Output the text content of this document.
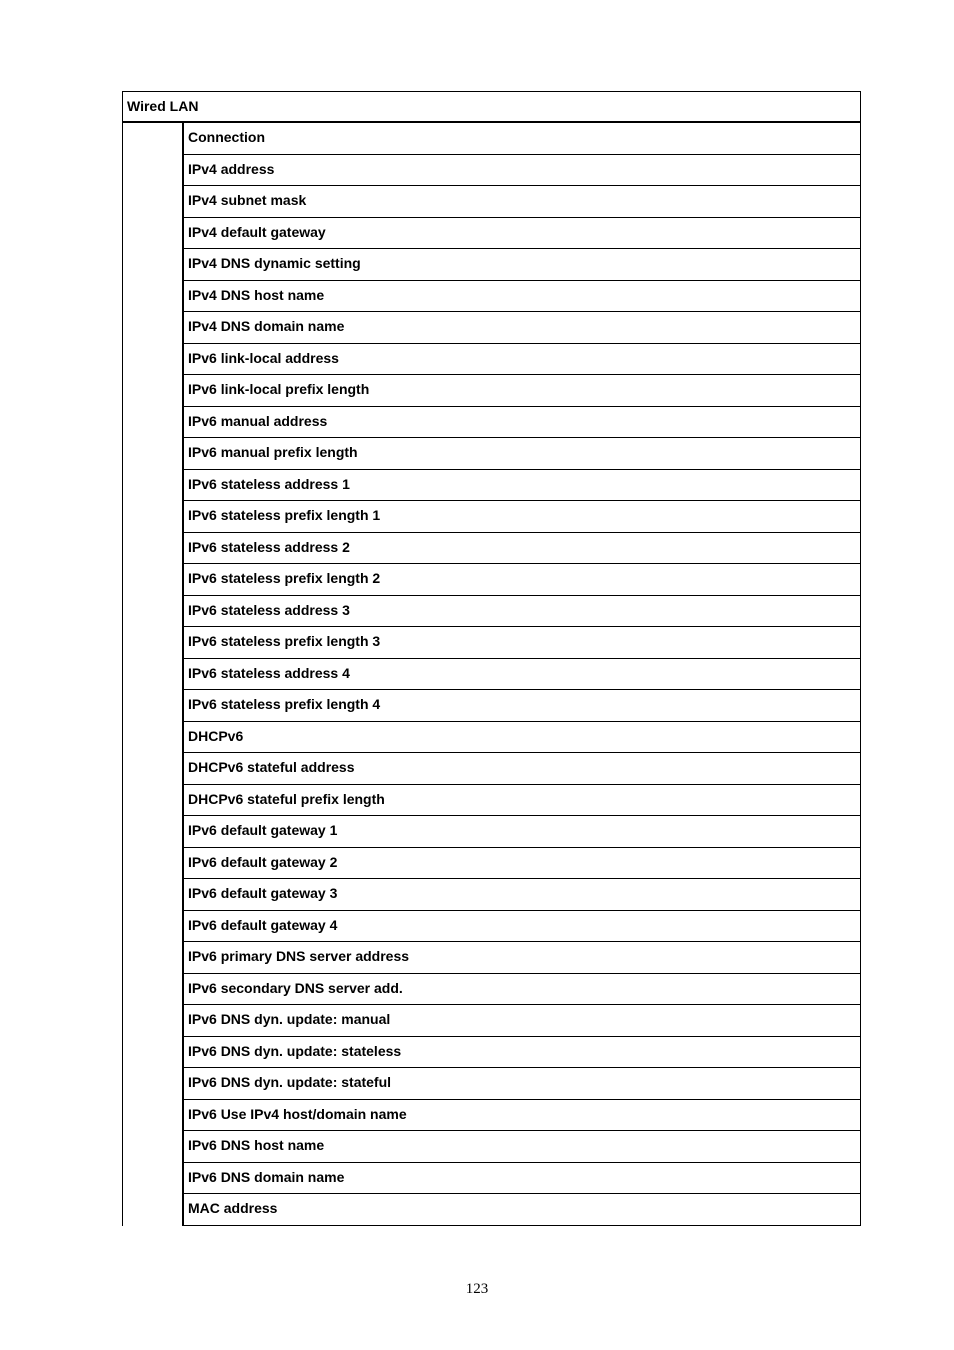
Wired LAN
Connection
IPv4 address
IPv4 subnet mask
IPv4 default gateway
IPv4 DNS dynamic setting
IPv4 DNS host name
IPv4 DNS domain name
IPv6 link-local address
IPv6 link-local prefix length
IPv6 manual address
IPv6 manual prefix length
IPv6 stateless address 1
IPv6 stateless prefix length 1
IPv6 stateless address 2
IPv6 stateless prefix length 2
IPv6 stateless address 3
IPv6 stateless prefix length 3
IPv6 stateless address 4
IPv6 stateless prefix length 4
DHCPv6
DHCPv6 stateful address
DHCPv6 stateful prefix length
IPv6 default gateway 1
IPv6 default gateway 2
IPv6 default gateway 3
IPv6 default gateway 4
IPv6 primary DNS server address
IPv6 secondary DNS server add.
IPv6 DNS dyn. update: manual
IPv6 DNS dyn. update: stateless
IPv6 DNS dyn. update: stateful
IPv6 Use IPv4 host/domain name
IPv6 DNS host name
IPv6 DNS domain name
MAC address
123
